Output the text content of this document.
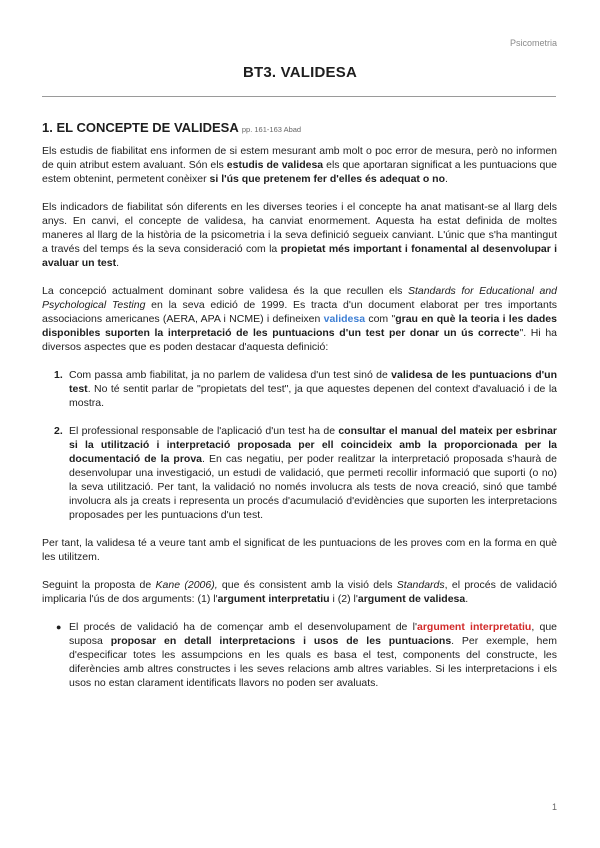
Psicometria
BT3. VALIDESA
1. EL CONCEPTE DE VALIDESA pp. 161-163 Abad

Els estudis de fiabilitat ens informen de si estem mesurant amb molt o poc error de mesura, però no informen de quin atribut estem avaluant. Són els estudis de validesa els que aportaran significat a les puntuacions que estem obtenint, permetent conèixer si l'ús que pretenem fer d'elles és adequat o no.

Els indicadors de fiabilitat són diferents en les diverses teories i el concepte ha anat matisant-se al llarg dels anys. En canvi, el concepte de validesa, ha canviat enormement. Aquesta ha estat definida de moltes maneres al llarg de la història de la psicometria i la seva definició segueix canviant. L'únic que s'ha mantingut a través del temps és la seva consideració com la propietat més important i fonamental al desenvolupar i avaluar un test.

La concepció actualment dominant sobre validesa és la que recullen els Standards for Educational and Psychological Testing en la seva edició de 1999. Es tracta d'un document elaborat per tres importants associacions americanes (AERA, APA i NCME) i defineixen validesa com "grau en què la teoria i les dades disponibles suporten la interpretació de les puntuacions d'un test per donar un ús correcte". Hi ha diversos aspectes que es poden destacar d'aquesta definició:

1. Com passa amb fiabilitat, ja no parlem de validesa d'un test sinó de validesa de les puntuacions d'un test. No té sentit parlar de "propietats del test", ja que aquestes depenen del context d'avaluació i de la mostra.
2. El professional responsable de l'aplicació d'un test ha de consultar el manual del mateix per esbrinar si la utilització i interpretació proposada per ell coincideix amb la proporcionada per la documentació de la prova. En cas negatiu, per poder realitzar la interpretació proposada s'haurà de desenvolupar una investigació, un estudi de validació, que permeti recollir informació que suporti (o no) la seva utilització. Per tant, la validació no només involucra als tests de nova creació, sinó que també involucra als ja creats i representa un procés d'acumulació d'evidències que suporten les interpretacions proposades per les puntuacions d'un test.

Per tant, la validesa té a veure tant amb el significat de les puntuacions de les proves com en la forma en què les utilitzem.

Seguint la proposta de Kane (2006), que és consistent amb la visió dels Standards, el procés de validació implicaria l'ús de dos arguments: (1) l'argument interpretatiu i (2) l'argument de validesa.

● El procés de validació ha de començar amb el desenvolupament de l'argument interpretatiu, que suposa proposar en detall interpretacions i usos de les puntuacions. Per exemple, hem d'especificar totes les assumpcions en les quals es basa el test, components del constructe, les diferències amb altres constructes i les seves relacions amb altres variables. Si les interpretacions i els usos no estan clarament identificats llavors no poden ser avaluats.
1
